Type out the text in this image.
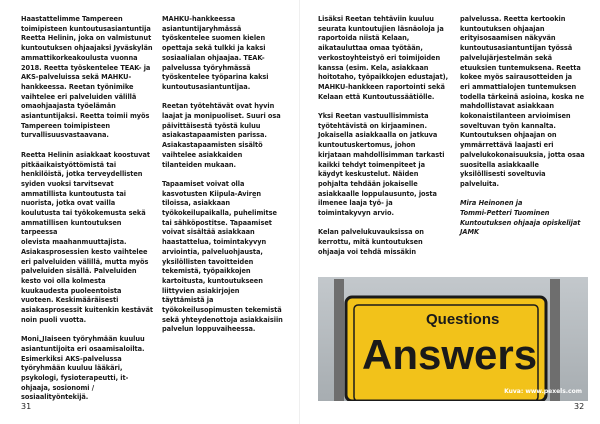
Haastattelimme Tampereen
toimipisteen kuntoutusasiantuntija
Reetta Helinin, joka on valmistunut
kuntoutuksen ohjaajaksi Jyväskylän
ammattikorkeakoulusta vuonna
2018. Reetta työskentelee TEAK- ja
AKS-palveluissa sekä MAHKU-
hankkeessa. Reetan työnimike
vaihtelee eri palveluiden välillä
omaohjaajasta työelämän
asiantuntijaksi. Reetta toimii myös
Tampereen toimipisteen
turvallisuusvastaavana.

Reetta Helinin asiakkaat koostuvat
pitkäaikaistyöttömistä tai
henkilöistä, jotka terveydellisten
syiden vuoksi tarvitsevat
ammatillista kuntoutusta tai
nuorista, jotka ovat vailla
koulutusta tai työkokemusta sekä
ammatillisen kuntoutuksen tarpeessa
olevista maahanmuuttajista.
Asiakasprosessien kesto vaihtelee
eri palveluiden välillä, mutta myös
palveluiden sisällä. Palveluiden
kesto voi olla kolmesta
kuukaudesta puoleentoista
vuoteen. Keskimääräisesti
asiakasprosessit kuitenkin kestävät
noin puoli vuotta.

Moniالaiseen työryhmään kuuluu
asiantuntijoita eri osaamisaloilta.
Esimerkiksi AKS-palvelussa
työryhmään kuuluu lääkäri,
psykologi, fysioterapeutti, it-
ohjaaja, sosionomi /
sosiaalityöntekijä.

MAHKU-hankkeessa
asiantuntijaryhmässä
työskentelee suomen kielen
opettaja sekä tulkki ja kaksi
sosiaalialan ohjaajaa. TEAK-
palvelussa työryhmässä
työskentelee työparina kaksi
kuntoutusasiantuntijaa.

Reetan työtehtävät ovat hyvin
laajat ja monipuoliset. Suuri osa
päivittäisestä työstä kuluu
asiakastapaamisten parissa.
Asiakastapaamisten sisältö
vaihtelee asiakkaiden
tilanteiden mukaan.

Tapaamiset voivat olla
kasvotusten Kiipula-Avire̲n
tiloissa, asiakkaan
työkokeilupaikalla, puhelimitse
tai sähköpostitse. Tapaamiset
voivat sisältää asiakkaan
haastattelua, toimintakyvyn
arviointia, palveluohjausta,
yksilöllisten tavoitteiden
tekemistä, työpaikkojen
kartoitusta, kuntoutukseen
liittyvien asiakirjojen
täyttämistä ja
työkokeilusopimusten tekemistä
sekä yhteydenottoja asiakkaisiin
palvelun loppuvaiheessa.

Lisäksi Reetan tehtäviin kuuluu
seurata kuntoutujien läsnäoloja ja
raportoida niistä Kelaan,
aikatauluttaa omaa työtään,
verkostoyhteistyö eri toimijoiden
kanssa (esim. Kela, asiakkaan
hoitotaho, työpaikkojen edustajat),
MAHKU-hankkeen raportointi sekä
Kelaan että Kuntoutussäätiölle.

Yksi Reetan vastuullisimmista
työtehtävistä on kirjaaminen.
Jokaisella asiakkaalla on jatkuva
kuntoutuskertomus, johon
kirjataan mahdollisimman tarkasti
kaikki tehdyt toimenpiteet ja
käydyt keskustelut. Näiden
pohjalta tehdään jokaiselle
asiakkaalle loppulausunto, josta
ilmenee laaja työ- ja
toimintakyvyn arvio.

Kelan palvelukuvauksissa on
kerrottu, mitä kuntoutuksen
ohjaaja voi tehdä missäkin

palvelussa. Reetta kertookin
kuntoutuksen ohjaajan
erityisosaamisen näkyvän
kuntoutusasiantuntijan työssä
palvelujärjestelmän sekä
etuuksien tuntemuksena. Reetta
kokee myös sairausotteiden ja
eri ammattialojen tuntemuksen
todella tärkeinä asioina, koska ne
mahdollistavat asiakkaan
kokonaistilanteen arvioimisen
soveltuvan työn kannalta.
Kuntoutuksen ohjaajan on
ymmärrettävä laajasti eri
palvelukokonaisuuksia, jotta osaa
suositella asiakkaalle
yksilöllisesti soveltuvia
palveluita.

Mira Heinonen ja
Tommi-Petteri Tuominen

Kuntoutuksen ohjaaja opiskelijat
JAMK

Questions
Answers
Kuva: www.pexels.com
31	32
